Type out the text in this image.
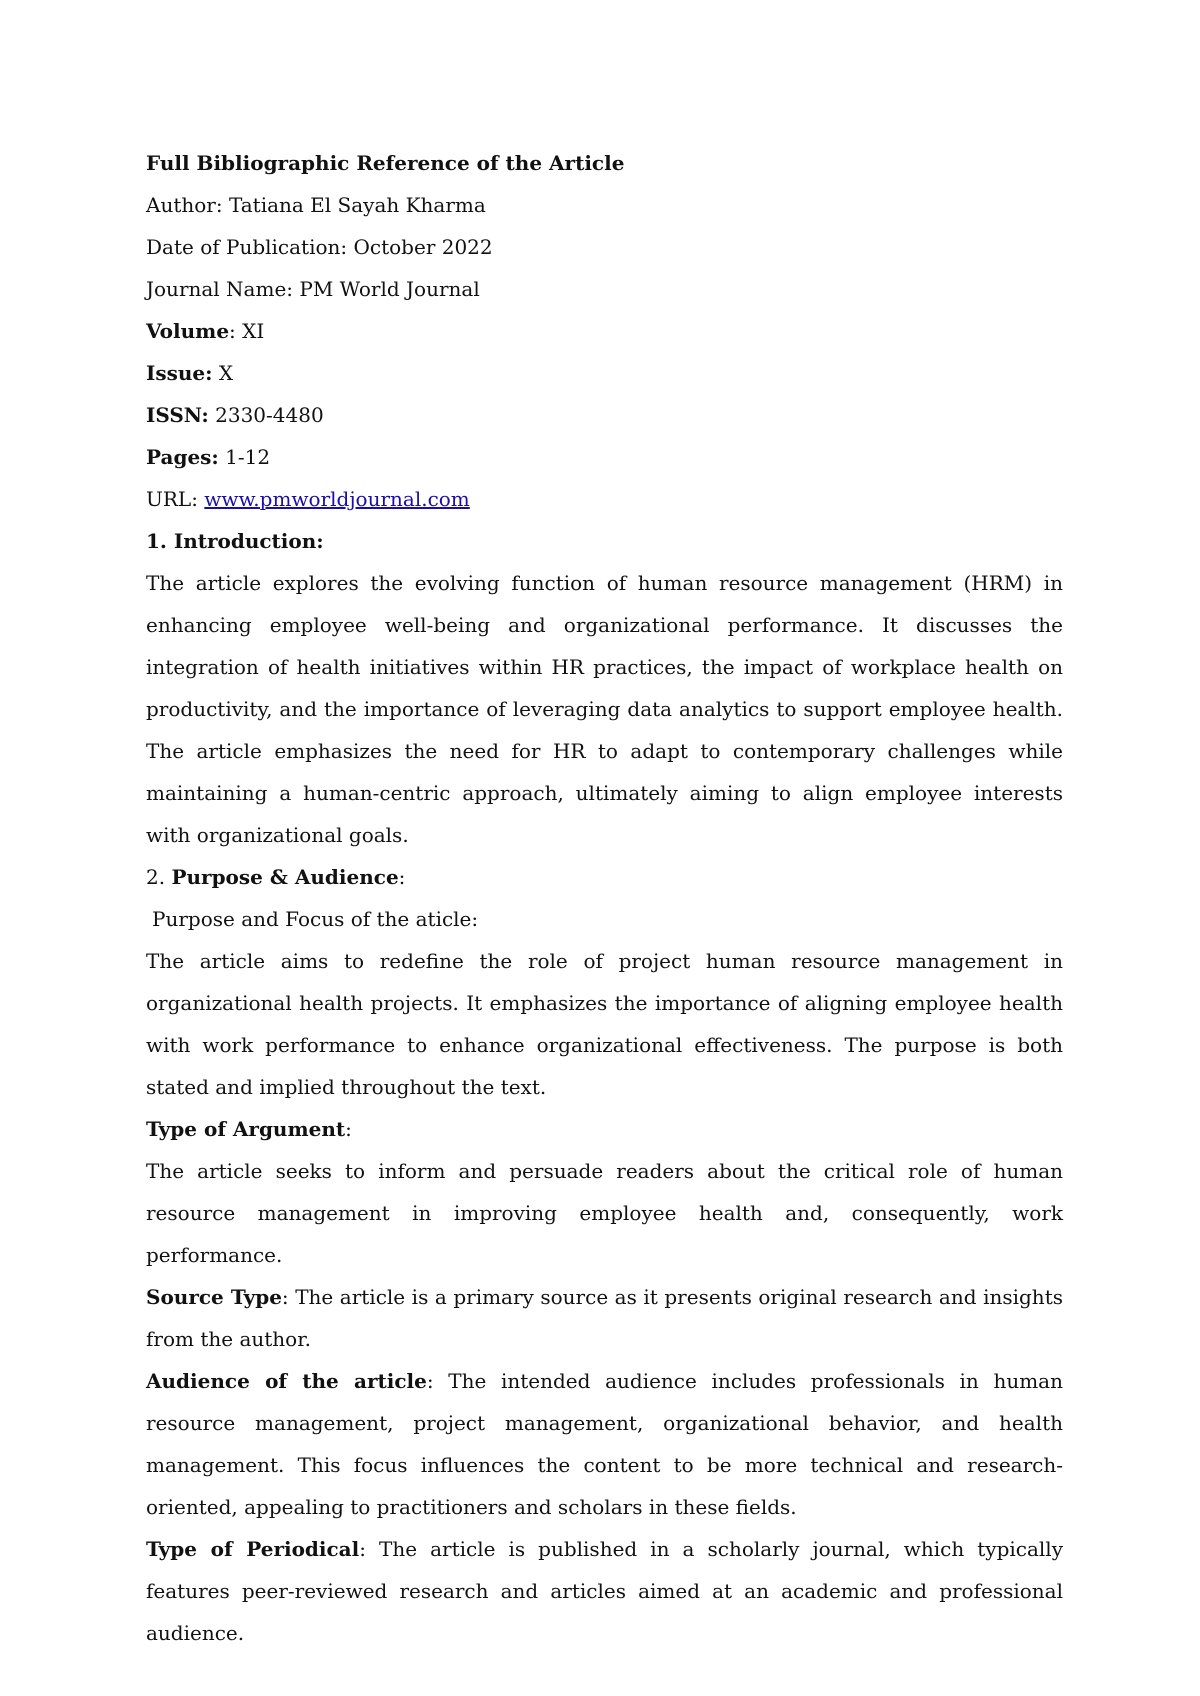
Full Bibliographic Reference of the Article

Author: Tatiana El Sayah Kharma

Date of Publication: October 2022

Journal Name: PM World Journal

Volume: XI

Issue: X

ISSN: 2330-4480

Pages: 1-12

URL: www.pmworldjournal.com

1. Introduction:

The article explores the evolving function of human resource management (HRM) in enhancing employee well-being and organizational performance. It discusses the integration of health initiatives within HR practices, the impact of workplace health on productivity, and the importance of leveraging data analytics to support employee health. The article emphasizes the need for HR to adapt to contemporary challenges while maintaining a human-centric approach, ultimately aiming to align employee interests with organizational goals.

2. Purpose & Audience:

Purpose and Focus of the aticle:

The article aims to redefine the role of project human resource management in organizational health projects. It emphasizes the importance of aligning employee health with work performance to enhance organizational effectiveness. The purpose is both stated and implied throughout the text.

Type of Argument:

The article seeks to inform and persuade readers about the critical role of human resource management in improving employee health and, consequently, work performance.

Source Type: The article is a primary source as it presents original research and insights from the author.

Audience of the article: The intended audience includes professionals in human resource management, project management, organizational behavior, and health management. This focus influences the content to be more technical and research-oriented, appealing to practitioners and scholars in these fields.

Type of Periodical: The article is published in a scholarly journal, which typically features peer-reviewed research and articles aimed at an academic and professional audience.
